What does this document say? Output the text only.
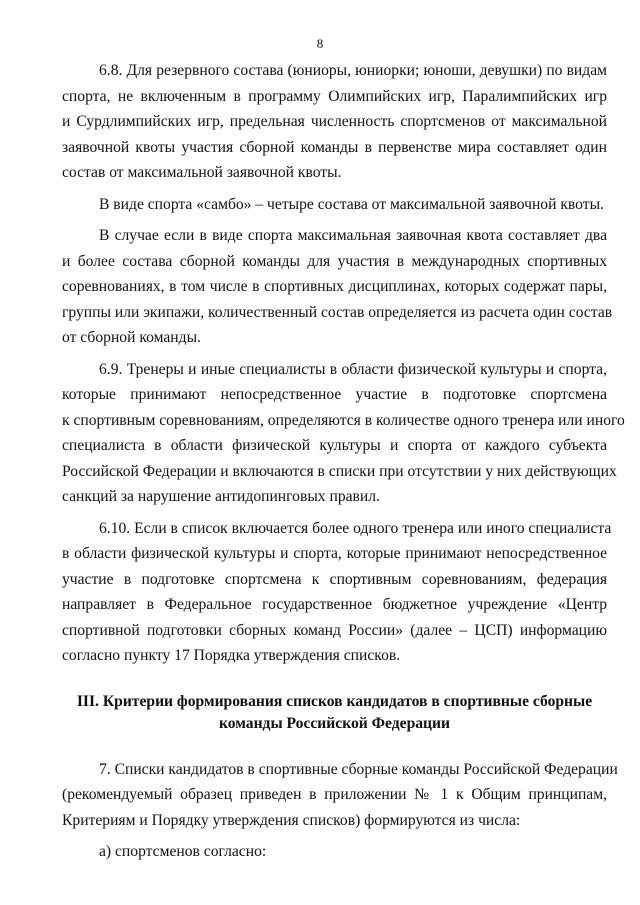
8
6.8. Для резервного состава (юниоры, юниорки; юноши, девушки) по видам
спорта, не включенным в программу Олимпийских игр, Паралимпийских игр
и Сурдлимпийских игр, предельная численность спортсменов от максимальной
заявочной квоты участия сборной команды в первенстве мира составляет один
состав от максимальной заявочной квоты.
В виде спорта «самбо» – четыре состава от максимальной заявочной квоты.
В случае если в виде спорта максимальная заявочная квота составляет два
и более состава сборной команды для участия в международных спортивных
соревнованиях, в том числе в спортивных дисциплинах, которых содержат пары,
группы или экипажи, количественный состав определяется из расчета один состав
от сборной команды.
6.9. Тренеры и иные специалисты в области физической культуры и спорта,
которые принимают непосредственное участие в подготовке спортсмена
к спортивным соревнованиям, определяются в количестве одного тренера или иного
специалиста в области физической культуры и спорта от каждого субъекта
Российской Федерации и включаются в списки при отсутствии у них действующих
санкций за нарушение антидопинговых правил.
6.10. Если в список включается более одного тренера или иного специалиста
в области физической культуры и спорта, которые принимают непосредственное
участие в подготовке спортсмена к спортивным соревнованиям, федерация
направляет в Федеральное государственное бюджетное учреждение «Центр
спортивной подготовки сборных команд России» (далее – ЦСП) информацию
согласно пункту 17 Порядка утверждения списков.
III. Критерии формирования списков кандидатов в спортивные сборные
команды Российской Федерации
7. Списки кандидатов в спортивные сборные команды Российской Федерации
(рекомендуемый образец приведен в приложении № 1 к Общим принципам,
Критериям и Порядку утверждения списков) формируются из числа:
а) спортсменов согласно:
